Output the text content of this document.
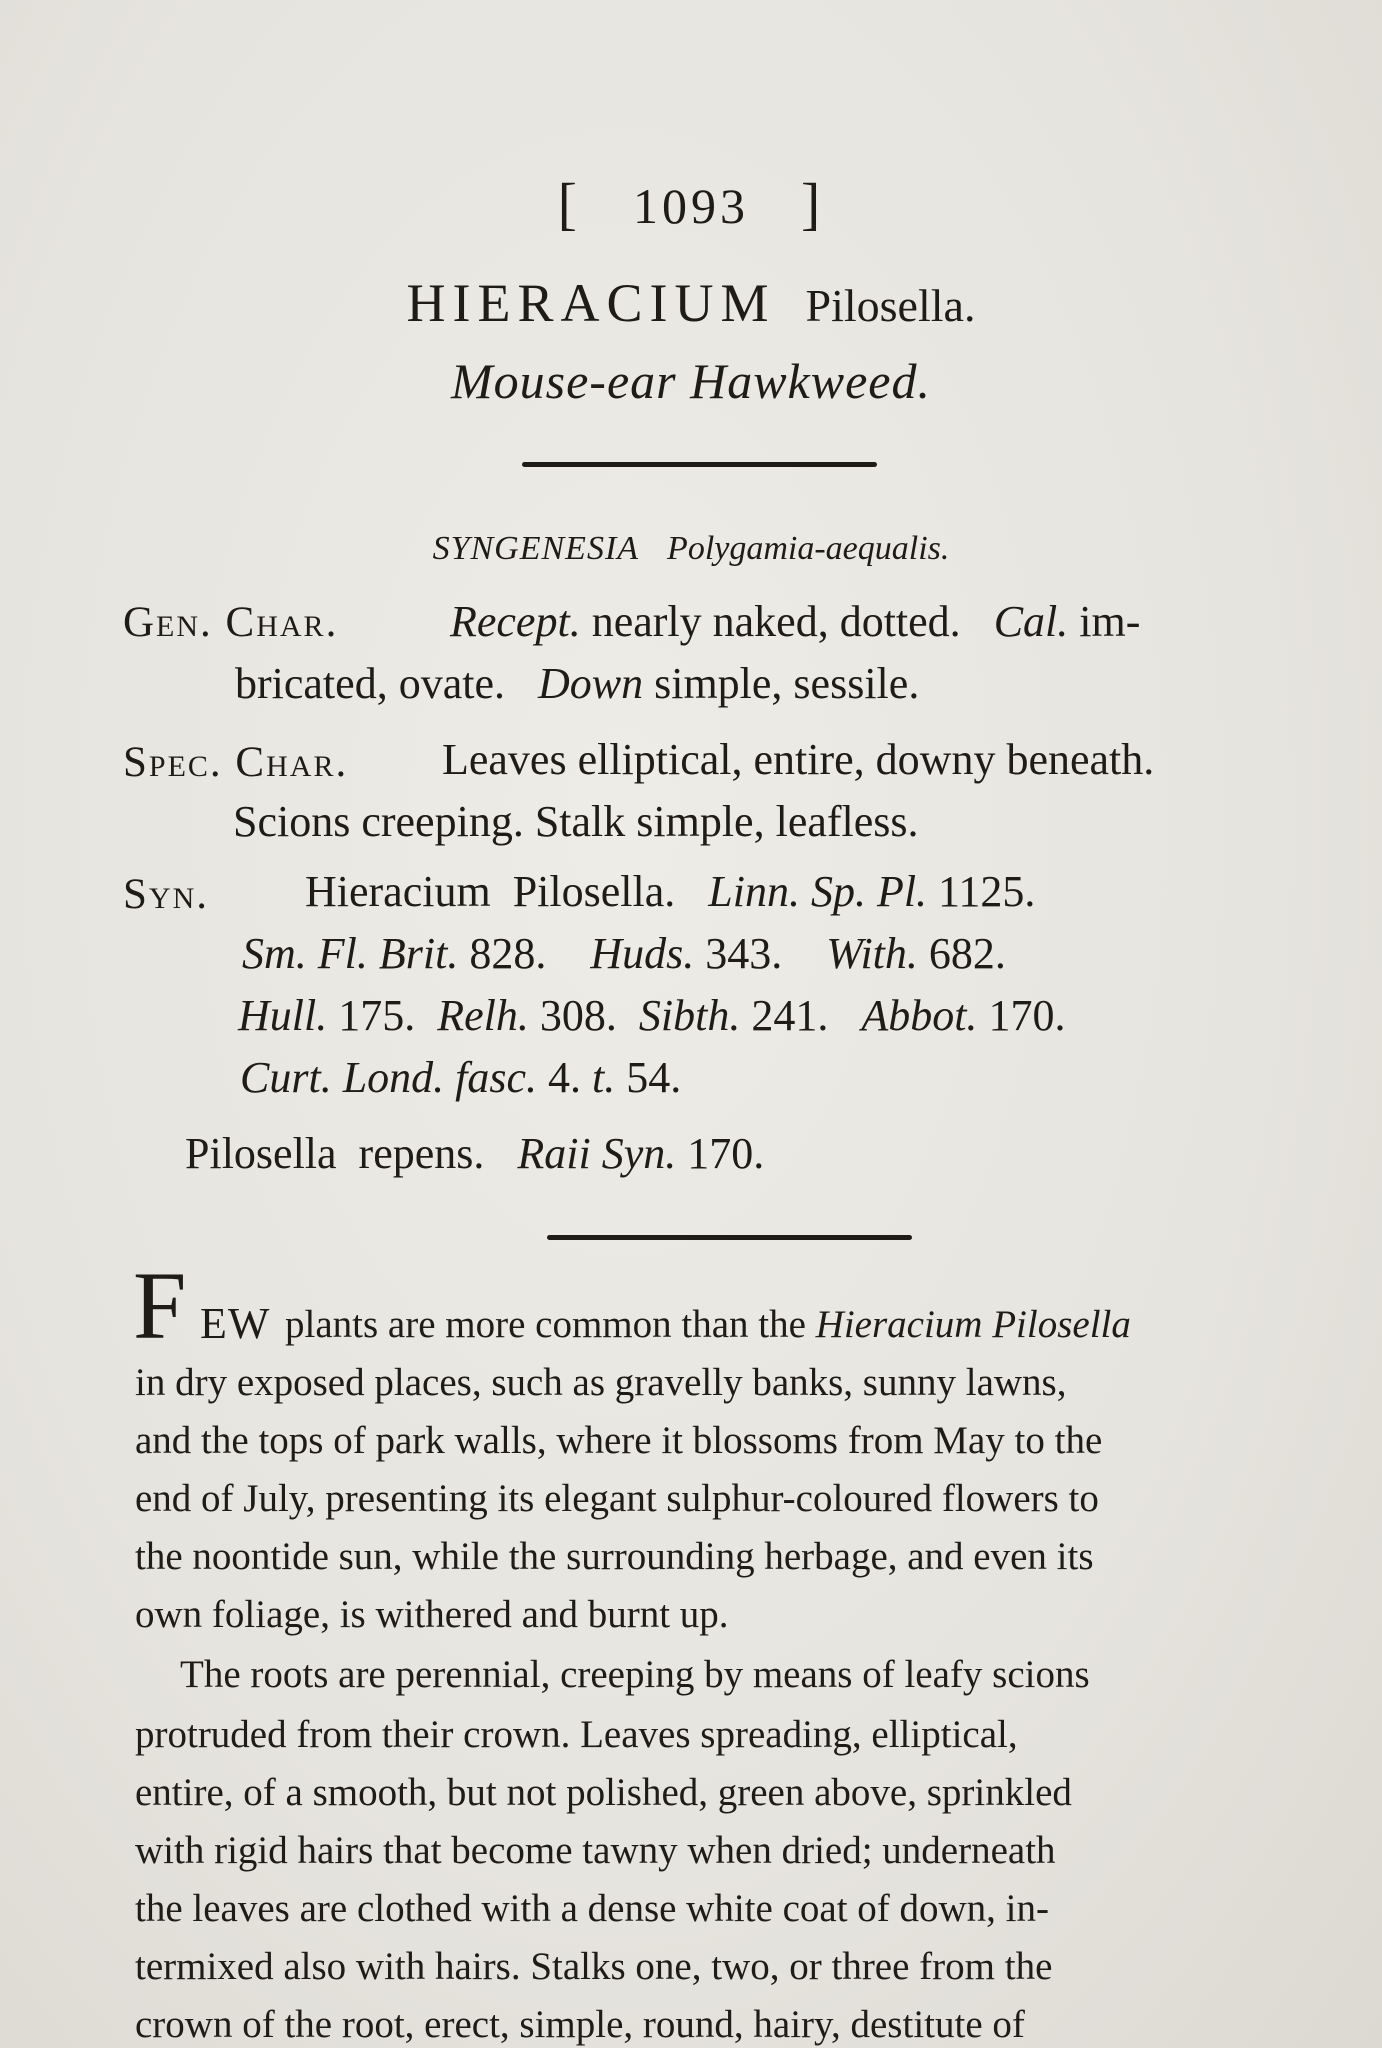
[ 1093 ]
HIERACIUM Pilosella.
Mouse-ear Hawkweed.
SYNGENESIA Polygamia-aequalis.
Gen. Char.	Recept. nearly naked, dotted.   Cal. im-
bricated, ovate.   Down simple, sessile.
Spec. Char. Leaves elliptical, entire, downy beneath.
Scions creeping. Stalk simple, leafless.
Syn. Hieracium  Pilosella.   Linn. Sp. Pl. 1125.
Sm. Fl. Brit. 828.    Huds. 343.    With. 682.
Hull. 175.  Relh. 308.  Sibth. 241.   Abbot. 170.
Curt. Lond. fasc. 4. t. 54.
Pilosella  repens.   Raii Syn. 170.
F EW plants are more common than the Hieracium Pilosella
in dry exposed places, such as gravelly banks, sunny lawns,
and the tops of park walls, where it blossoms from May to the
end of July, presenting its elegant sulphur-coloured flowers to
the noontide sun, while the surrounding herbage, and even its
own foliage, is withered and burnt up.
The roots are perennial, creeping by means of leafy scions
protruded from their crown. Leaves spreading, elliptical,
entire, of a smooth, but not polished, green above, sprinkled
with rigid hairs that become tawny when dried; underneath
the leaves are clothed with a dense white coat of down, in-
termixed also with hairs. Stalks one, two, or three from the
crown of the root, erect, simple, round, hairy, destitute of
